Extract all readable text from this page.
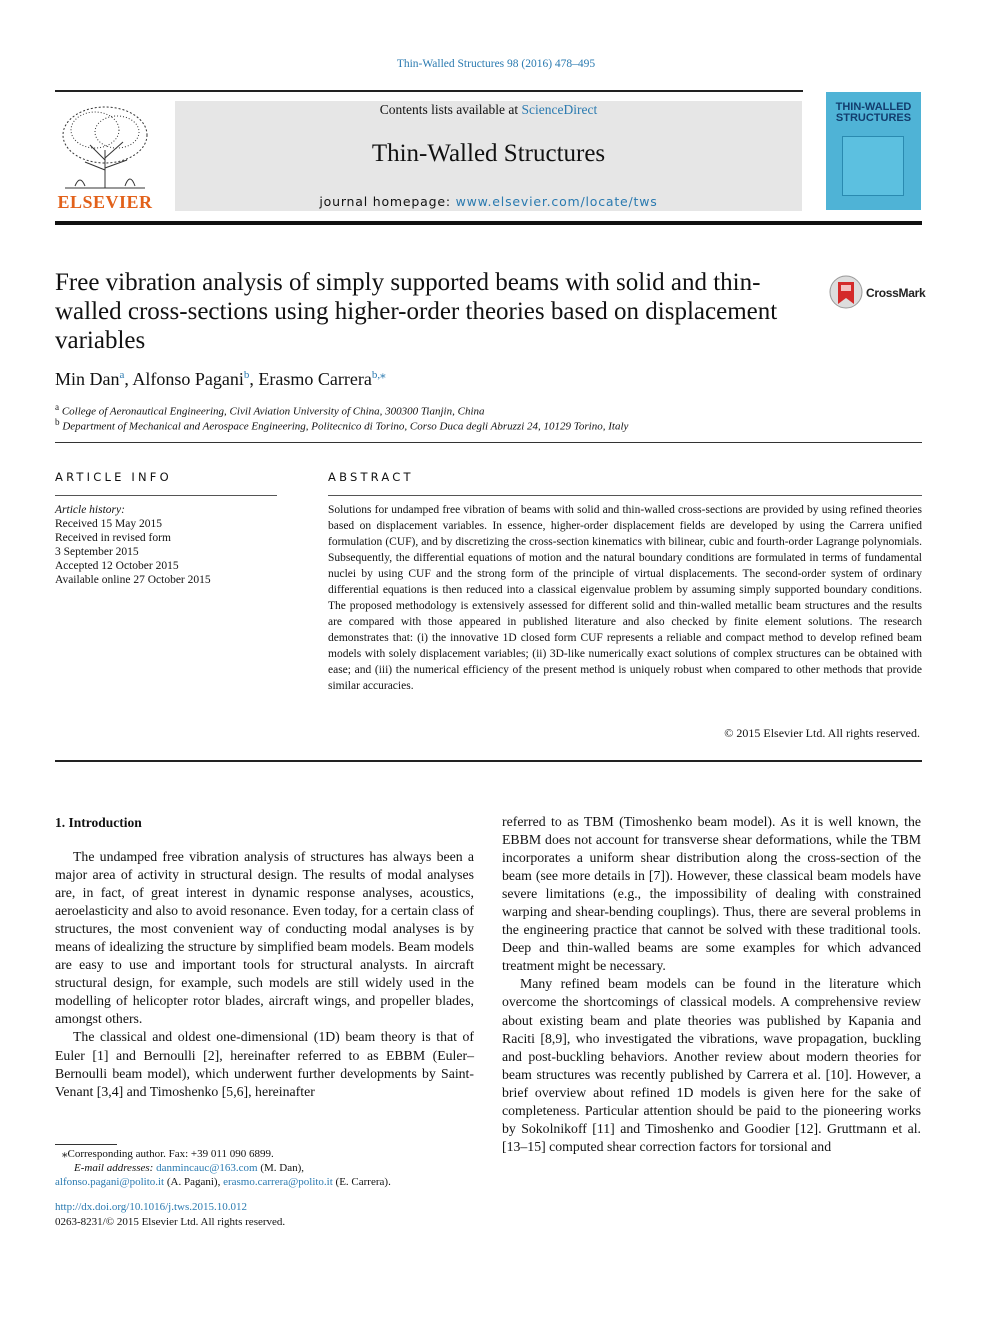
Thin-Walled Structures 98 (2016) 478–495
ELSEVIER
Contents lists available at ScienceDirect
Thin-Walled Structures
journal homepage: www.elsevier.com/locate/tws
THIN-WALLED
STRUCTURES
Free vibration analysis of simply supported beams with solid and thin-walled cross-sections using higher-order theories based on displacement variables
CrossMark
Min Dan$^a$, Alfonso Pagani$^b$, Erasmo Carrera$^{b,⁎}$
$^a$ College of Aeronautical Engineering, Civil Aviation University of China, 300300 Tianjin, China
$^b$ Department of Mechanical and Aerospace Engineering, Politecnico di Torino, Corso Duca degli Abruzzi 24, 10129 Torino, Italy
ARTICLE INFO
Article history:
Received 15 May 2015
Received in revised form
3 September 2015
Accepted 12 October 2015
Available online 27 October 2015
ABSTRACT
Solutions for undamped free vibration of beams with solid and thin-walled cross-sections are provided by using refined theories based on displacement variables. In essence, higher-order displacement fields are developed by using the Carrera unified formulation (CUF), and by discretizing the cross-section kinematics with bilinear, cubic and fourth-order Lagrange polynomials. Subsequently, the differential equations of motion and the natural boundary conditions are formulated in terms of fundamental nuclei by using CUF and the strong form of the principle of virtual displacements. The second-order system of ordinary differential equations is then reduced into a classical eigenvalue problem by assuming simply supported boundary conditions. The proposed methodology is extensively assessed for different solid and thin-walled metallic beam structures and the results are compared with those appeared in published literature and also checked by finite element solutions. The research demonstrates that: (i) the innovative 1D closed form CUF represents a reliable and compact method to develop refined beam models with solely displacement variables; (ii) 3D-like numerically exact solutions of complex structures can be obtained with ease; and (iii) the numerical efficiency of the present method is uniquely robust when compared to other methods that provide similar accuracies.
© 2015 Elsevier Ltd. All rights reserved.
1. Introduction

The undamped free vibration analysis of structures has always been a major area of activity in structural design. The results of modal analyses are, in fact, of great interest in dynamic response analyses, acoustics, aeroelasticity and also to avoid resonance. Even today, for a certain class of structures, the most convenient way of conducting modal analyses is by means of idealizing the structure by simplified beam models. Beam models are easy to use and important tools for structural analysts. In aircraft structural design, for example, such models are still widely used in the modelling of helicopter rotor blades, aircraft wings, and propeller blades, amongst others.

The classical and oldest one-dimensional (1D) beam theory is that of Euler [1] and Bernoulli [2], hereinafter referred to as EBBM (Euler–Bernoulli beam model), which underwent further developments by Saint-Venant [3,4] and Timoshenko [5,6], hereinafter

referred to as TBM (Timoshenko beam model). As it is well known, the EBBM does not account for transverse shear deformations, while the TBM incorporates a uniform shear distribution along the cross-section of the beam (see more details in [7]). However, these classical beam models have severe limitations (e.g., the impossibility of dealing with constrained warping and shear-bending couplings). Thus, there are several problems in the engineering practice that cannot be solved with these traditional tools. Deep and thin-walled beams are some examples for which advanced treatment might be necessary.

Many refined beam models can be found in the literature which overcome the shortcomings of classical models. A comprehensive review about existing beam and plate theories was published by Kapania and Raciti [8,9], who investigated the vibrations, wave propagation, buckling and post-buckling behaviors. Another review about modern theories for beam structures was recently published by Carrera et al. [10]. However, a brief overview about refined 1D models is given here for the sake of completeness. Particular attention should be paid to the pioneering works by Sokolnikoff [11] and Timoshenko and Goodier [12]. Gruttmann et al. [13–15] computed shear correction factors for torsional and

⁎Corresponding author. Fax: +39 011 090 6899.
E-mail addresses: danmincauc@163.com (M. Dan),
alfonso.pagani@polito.it (A. Pagani), erasmo.carrera@polito.it (E. Carrera).
http://dx.doi.org/10.1016/j.tws.2015.10.012
0263-8231/© 2015 Elsevier Ltd. All rights reserved.
